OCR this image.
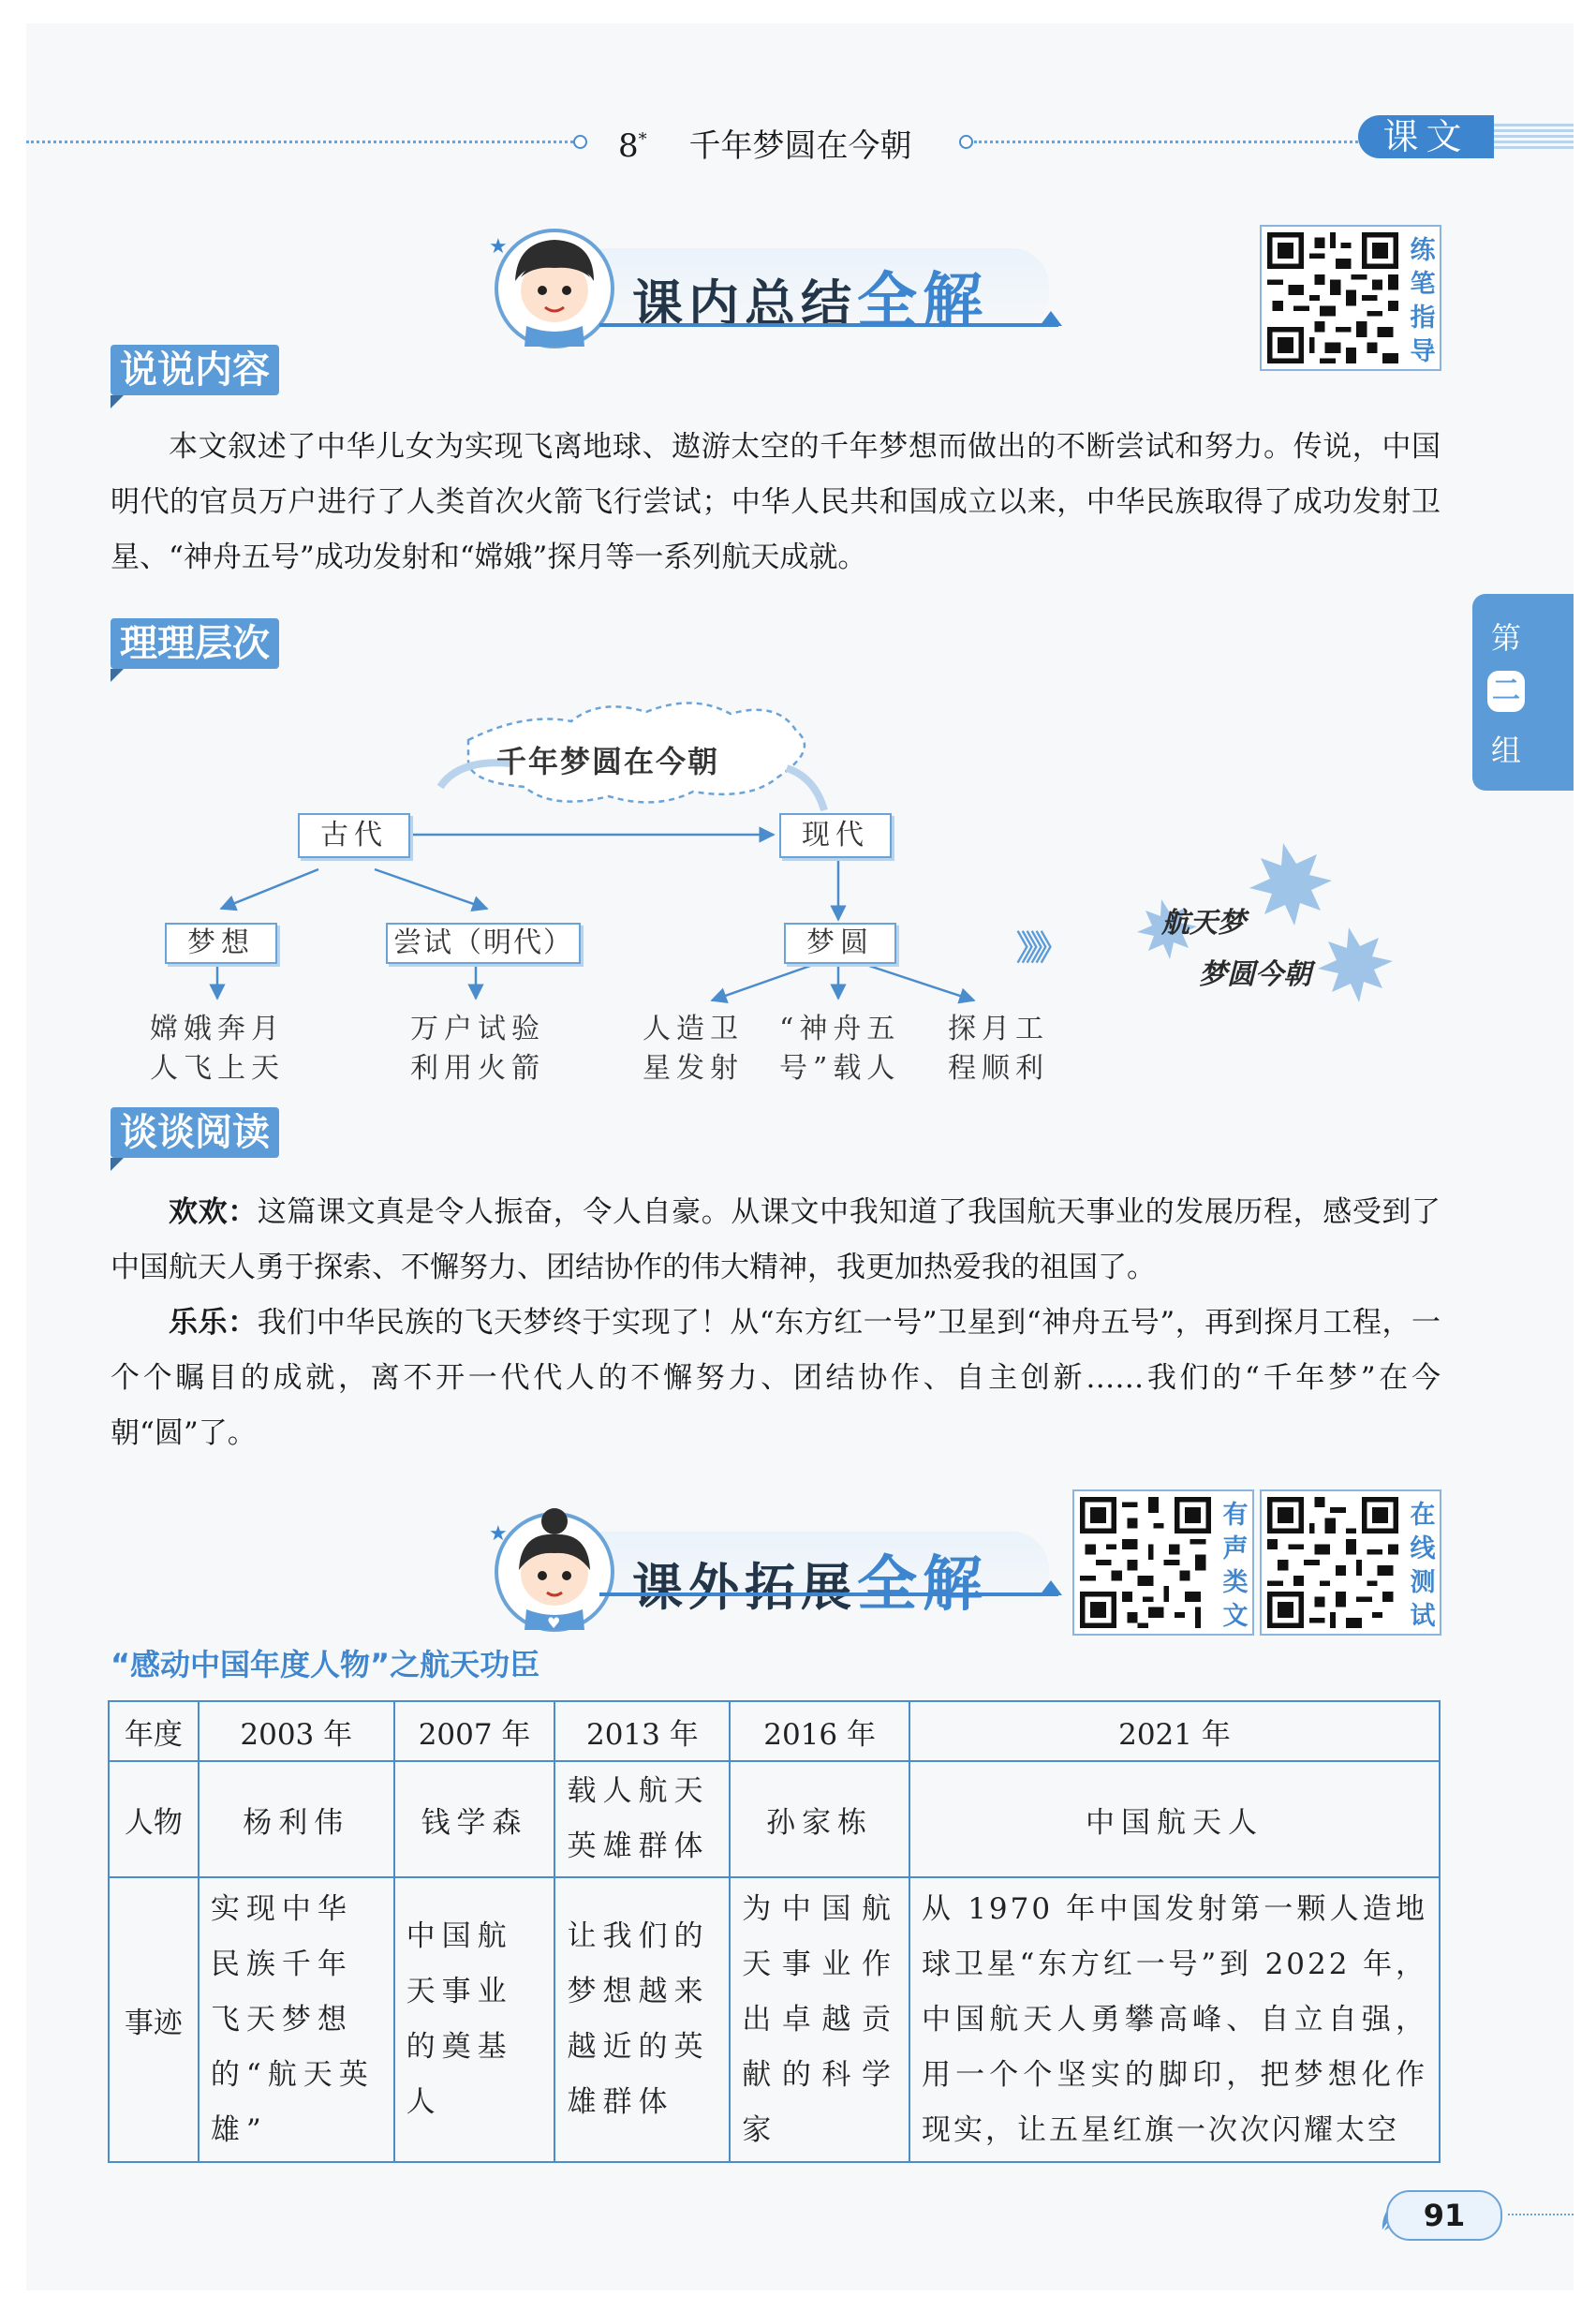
8* 千年梦圆在今朝	课文
★
课内总结全解
练笔指导
说说内容
本文叙述了中华儿女为实现飞离地球、遨游太空的千年梦想而做出的不断尝试和努力。传说，中国明代的官员万户进行了人类首次火箭飞行尝试；中华人民共和国成立以来，中华民族取得了成功发射卫星、“神舟五号”成功发射和“嫦娥”探月等一系列航天成就。
理理层次
千年梦圆在今朝
古代	现代
梦想	尝试（明代）	梦圆
嫦娥奔月
人飞上天
万户试验
利用火箭
人造卫
星发射
“神舟五
号”载人
探月工
程顺利
》》》
航天梦
梦圆今朝
谈谈阅读
欢欢：这篇课文真是令人振奋，令人自豪。从课文中我知道了我国航天事业的发展历程，感受到了中国航天人勇于探索、不懈努力、团结协作的伟大精神，我更加热爱我的祖国了。
乐乐：我们中华民族的飞天梦终于实现了！从“东方红一号”卫星到“神舟五号”，再到探月工程，一个个瞩目的成就，离不开一代代人的不懈努力、团结协作、自主创新……我们的“千年梦”在今朝“圆”了。
♥
★
课外拓展全解
有声类文
在线测试
“感动中国年度人物”之航天功臣
年度	2003 年	2007 年	2013 年	2016 年	2021 年
人物	杨利伟	钱学森	载人航天英雄群体	孙家栋	中国航天人
事迹	实现中华民族千年飞天梦想的“航天英雄”	中国航天事业的奠基人	让我们的梦想越来越近的英雄群体	为中国航天事业作出卓越贡献的科学家	从 1970 年中国发射第一颗人造地球卫星“东方红一号”到 2022 年，中国航天人勇攀高峰、自立自强，用一个个坚实的脚印，把梦想化作现实，让五星红旗一次次闪耀太空
第
二
组
91
